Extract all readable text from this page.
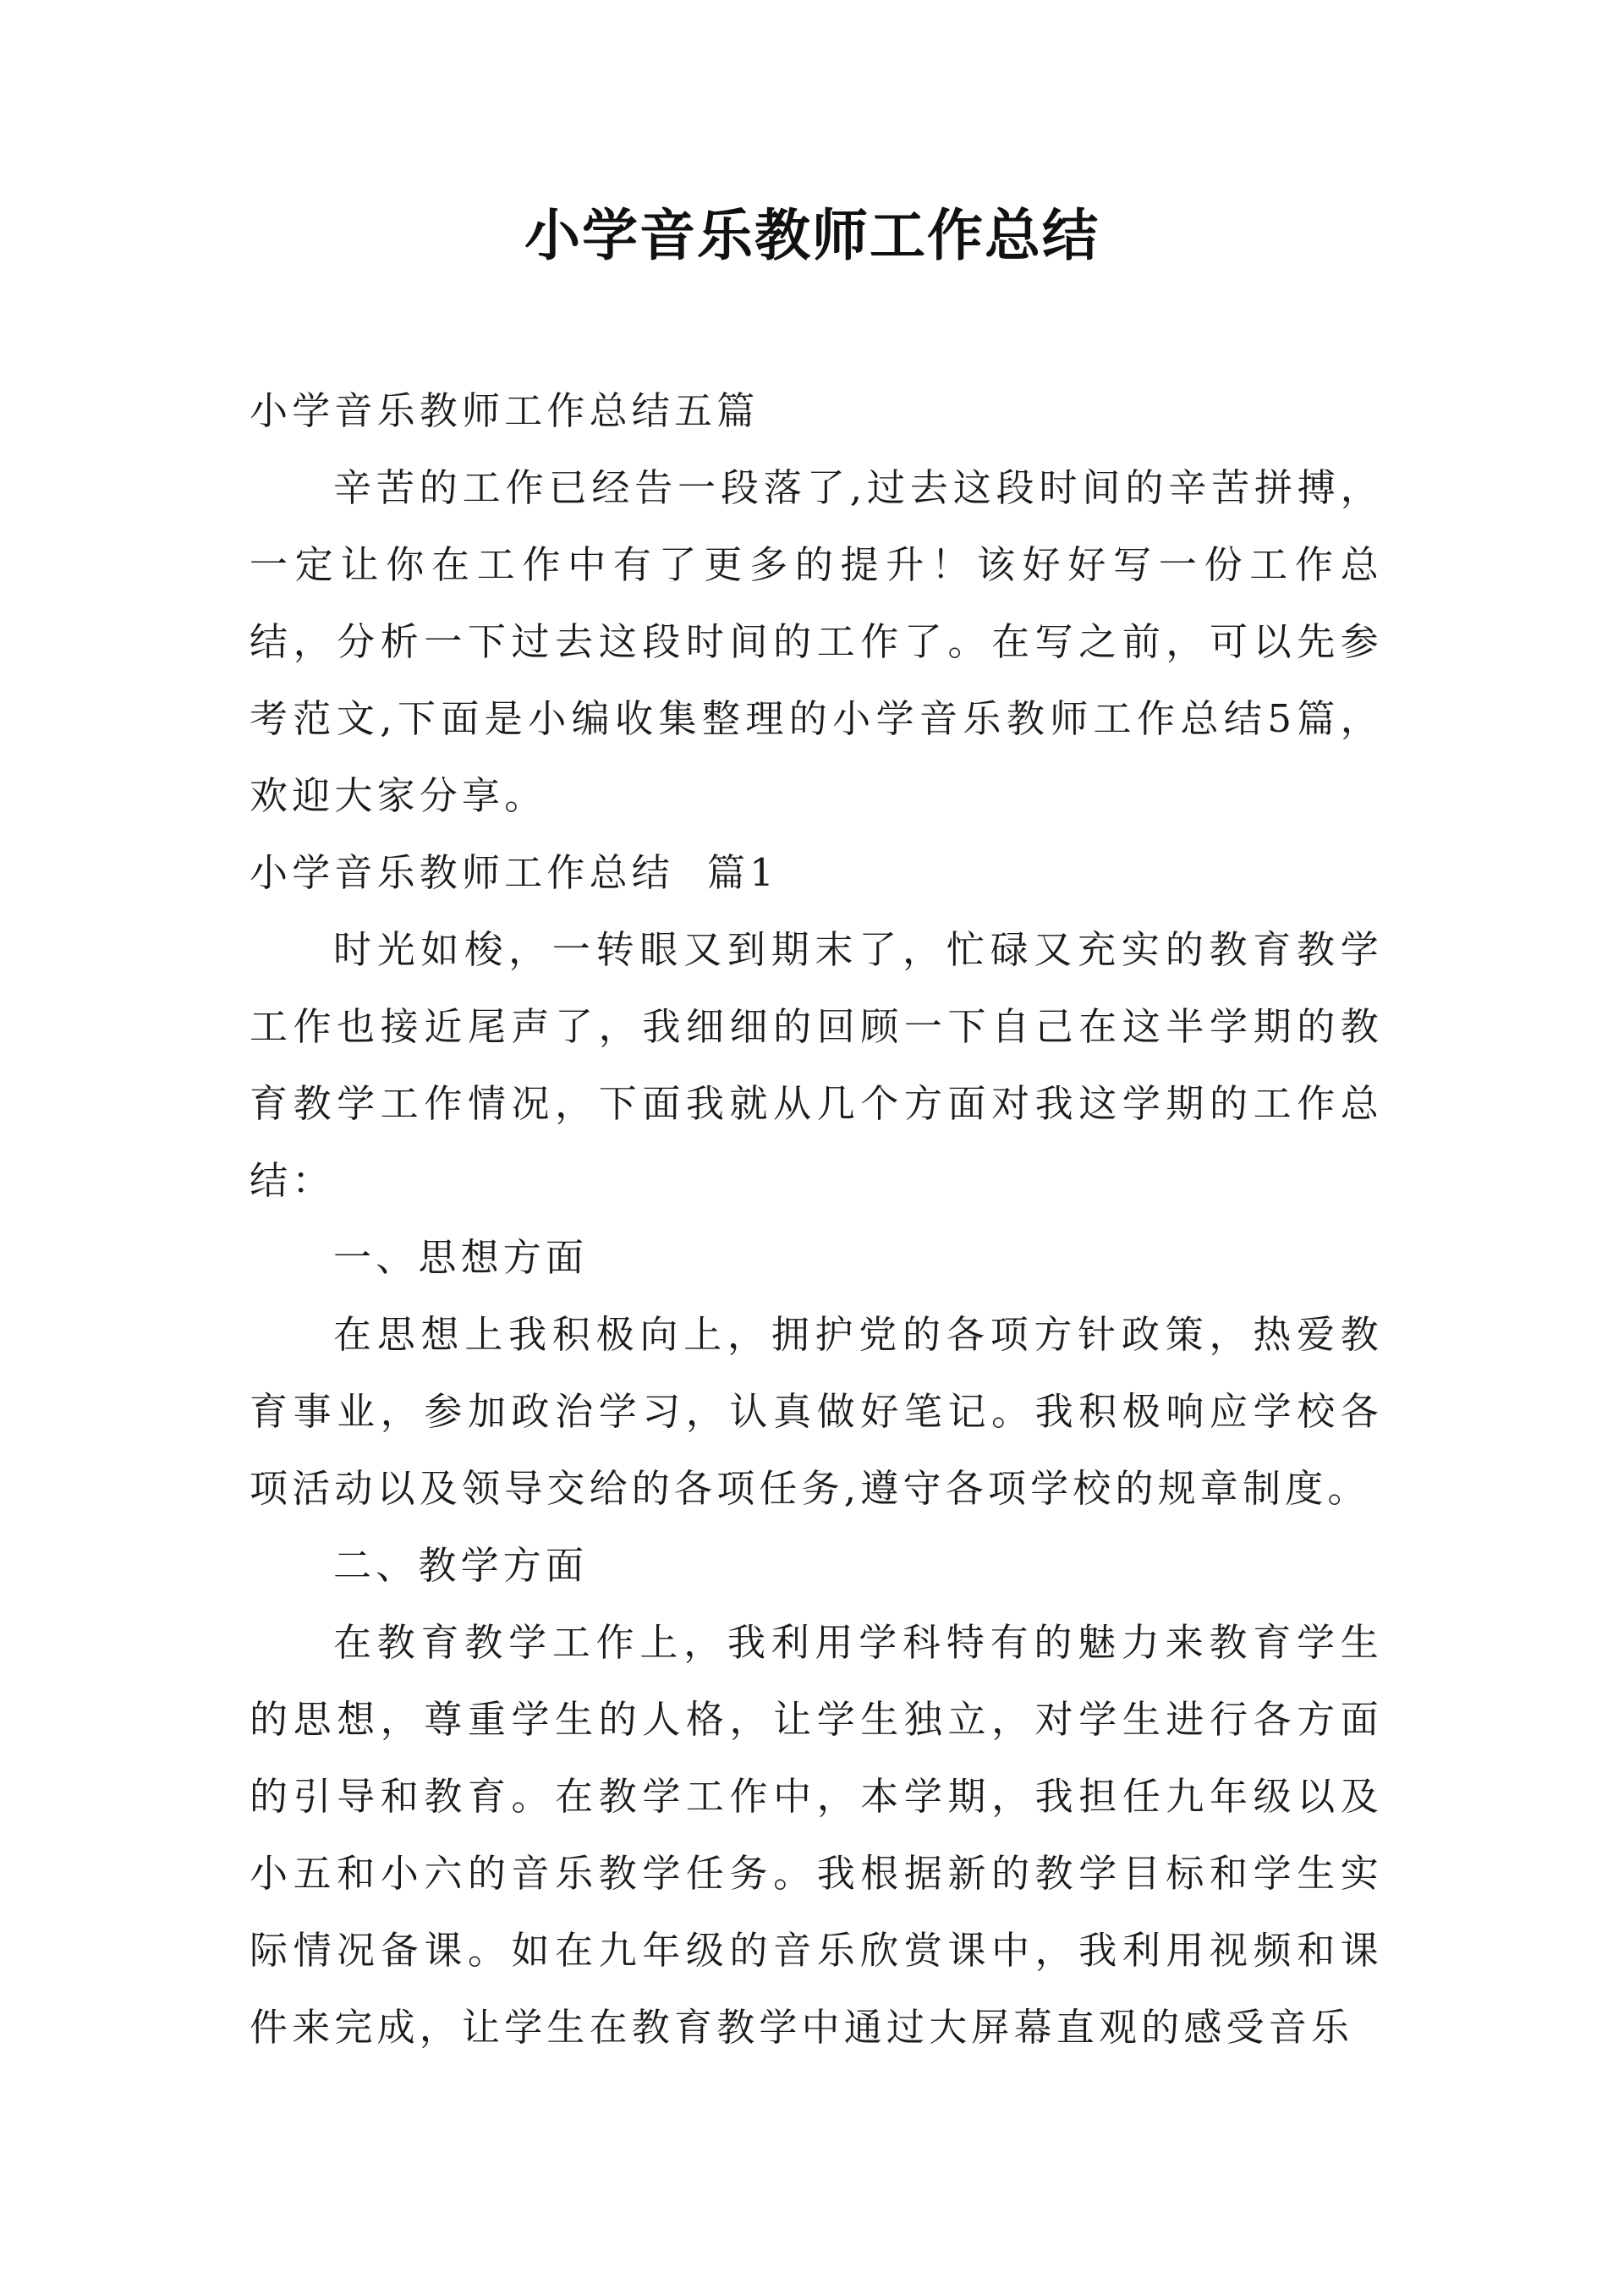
小学音乐教师工作总结

小学音乐教师工作总结五篇

辛苦的工作已经告一段落了,过去这段时间的辛苦拼搏，一定让你在工作中有了更多的提升！该好好写一份工作总结，分析一下过去这段时间的工作了。在写之前，可以先参考范文,下面是小编收集整理的小学音乐教师工作总结5篇，欢迎大家分享。

小学音乐教师工作总结  篇1

时光如梭，一转眼又到期末了，忙碌又充实的教育教学工作也接近尾声了，我细细的回顾一下自己在这半学期的教育教学工作情况，下面我就从几个方面对我这学期的工作总结：

一、思想方面

在思想上我积极向上，拥护党的各项方针政策，热爱教育事业，参加政治学习，认真做好笔记。我积极响应学校各项活动以及领导交给的各项任务,遵守各项学校的规章制度。

二、教学方面

在教育教学工作上，我利用学科特有的魅力来教育学生的思想，尊重学生的人格，让学生独立，对学生进行各方面的引导和教育。在教学工作中，本学期，我担任九年级以及小五和小六的音乐教学任务。我根据新的教学目标和学生实际情况备课。如在九年级的音乐欣赏课中，我利用视频和课件来完成，让学生在教育教学中通过大屏幕直观的感受音乐
